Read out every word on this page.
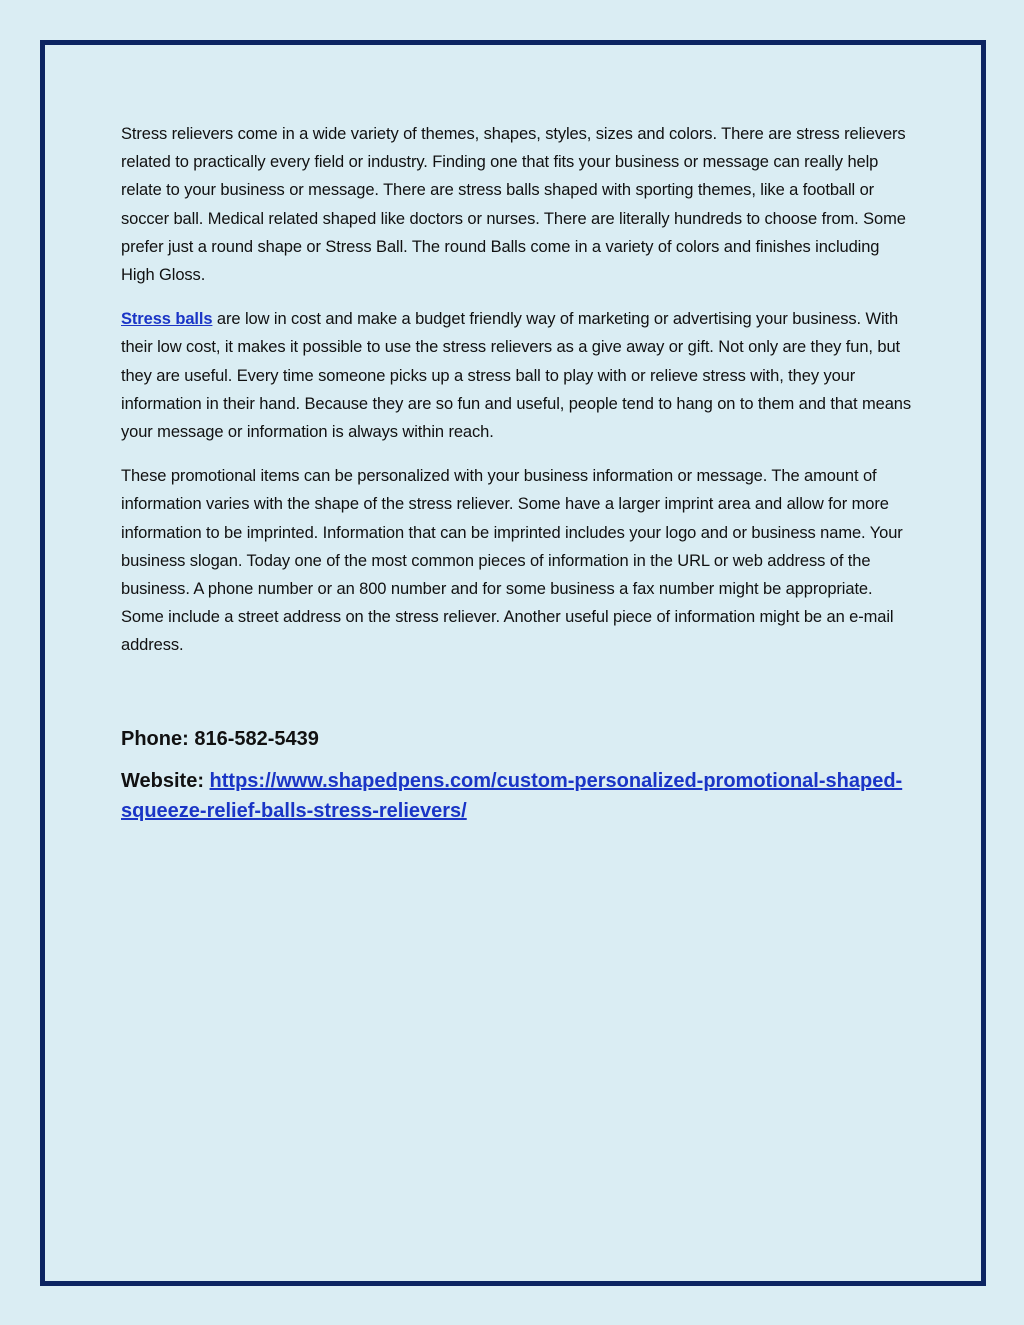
Stress relievers come in a wide variety of themes, shapes, styles, sizes and colors. There are stress relievers related to practically every field or industry. Finding one that fits your business or message can really help relate to your business or message. There are stress balls shaped with sporting themes, like a football or soccer ball. Medical related shaped like doctors or nurses. There are literally hundreds to choose from. Some prefer just a round shape or Stress Ball. The round Balls come in a variety of colors and finishes including High Gloss.

Stress balls are low in cost and make a budget friendly way of marketing or advertising your business. With their low cost, it makes it possible to use the stress relievers as a give away or gift. Not only are they fun, but they are useful. Every time someone picks up a stress ball to play with or relieve stress with, they your information in their hand. Because they are so fun and useful, people tend to hang on to them and that means your message or information is always within reach.

These promotional items can be personalized with your business information or message. The amount of information varies with the shape of the stress reliever. Some have a larger imprint area and allow for more information to be imprinted. Information that can be imprinted includes your logo and or business name. Your business slogan. Today one of the most common pieces of information in the URL or web address of the business. A phone number or an 800 number and for some business a fax number might be appropriate. Some include a street address on the stress reliever. Another useful piece of information might be an e-mail address.

Phone: 816-582-5439

Website: https://www.shapedpens.com/custom-personalized-promotional-shaped-squeeze-relief-balls-stress-relievers/
